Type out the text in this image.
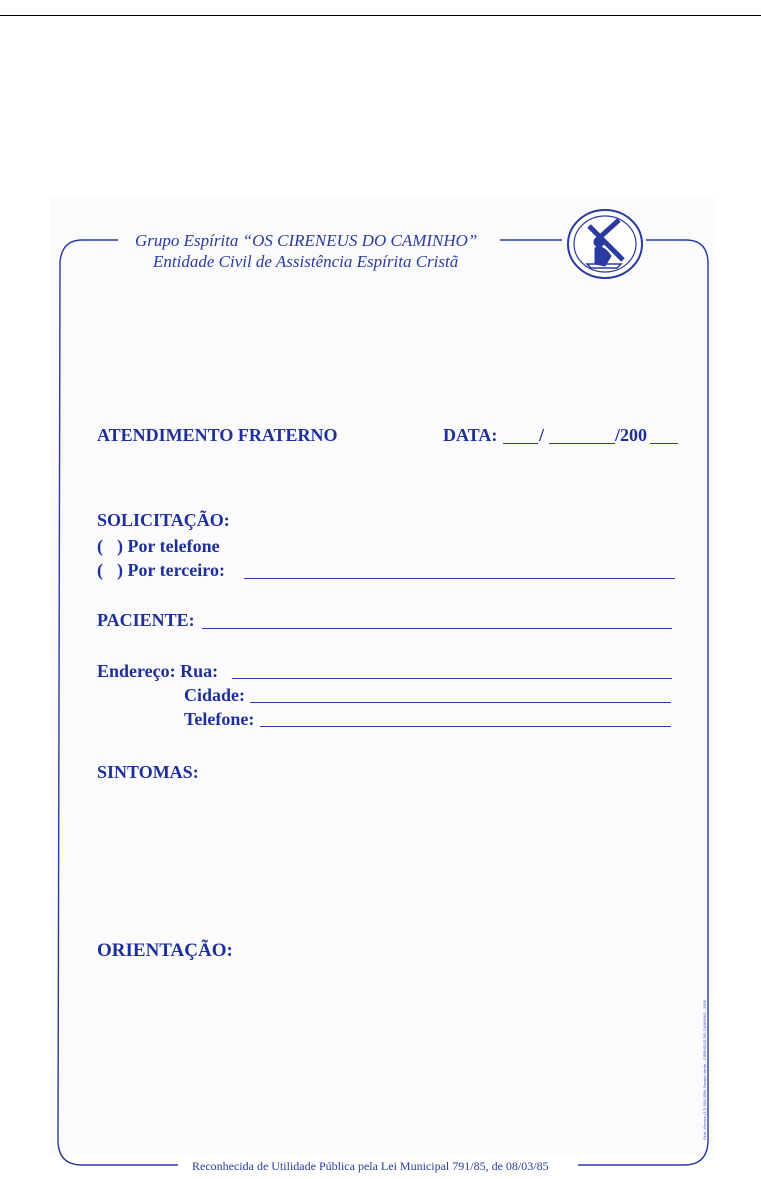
Grupo Espírita “OS CIRENEUS DO CAMINHO”
Entidade Civil de Assistência Espírita Cristã
ATENDIMENTO FRATERNO	DATA: /	/200
SOLICITAÇÃO:
( ) Por telefone
( ) Por terceiro:
PACIENTE:
Endereço: Rua:
Cidade:
Telefone:
SINTOMAS:
ORIENTAÇÃO:
Reconhecida de Utilidade Pública pela Lei Municipal 791/85, de 08/03/85
Graf. Vicence (17) 503-3096 Zeusim Verde - CIRENEUS DO CAMINHO - 2006
